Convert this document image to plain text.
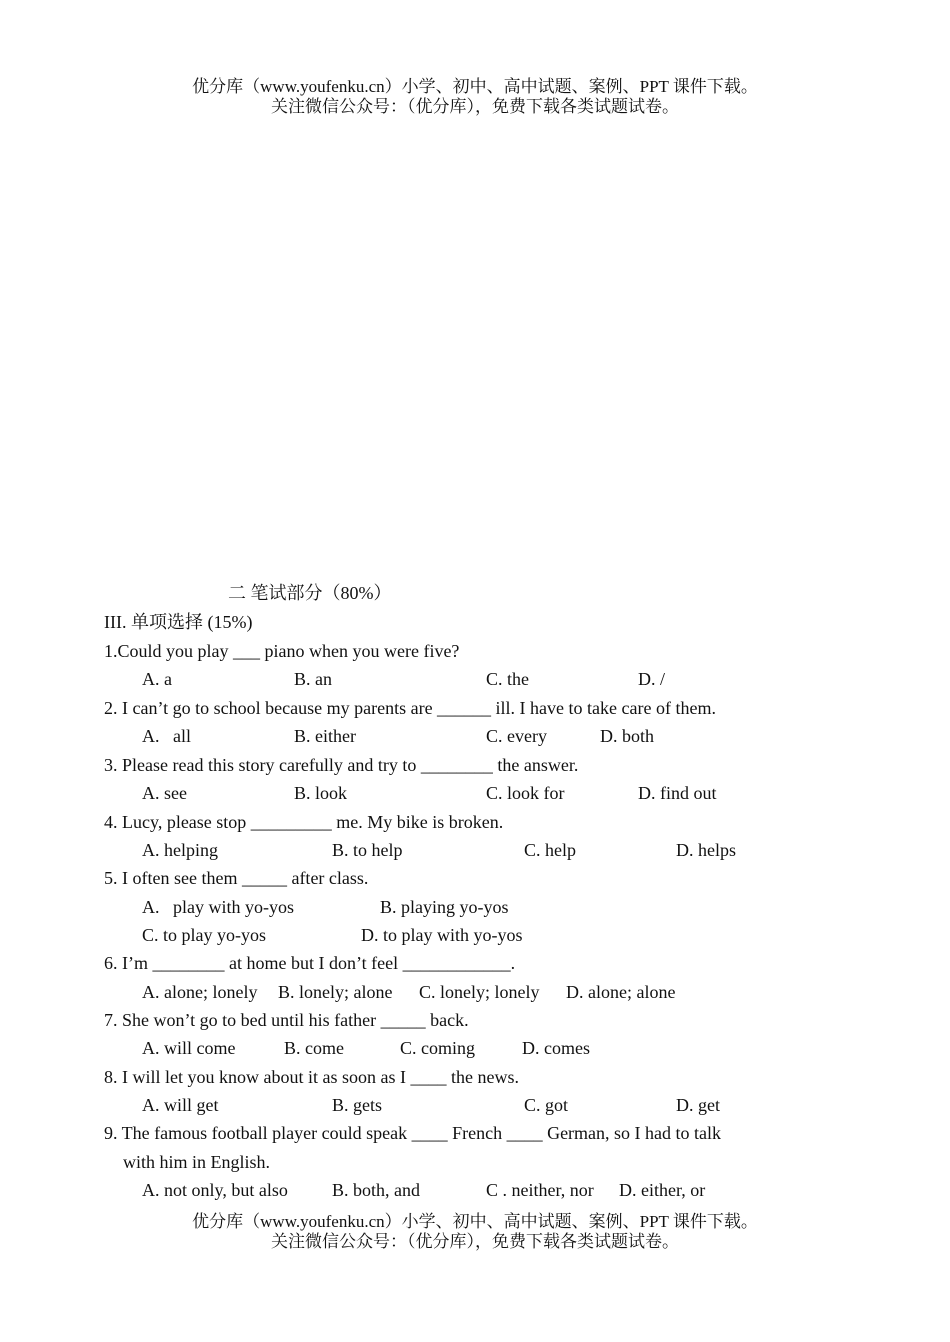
优分库（www.youfenku.cn）小学、初中、高中试题、案例、PPT 课件下载。
关注微信公众号：（优分库），免费下载各类试题试卷。
二 笔试部分（80%）
III. 单项选择 (15%)
1.Could you play ___ piano when you were five?
A. a	B. an	C. the	D. /
2. I can’t go to school because my parents are ______ ill. I have to take care of them.
A.   all	B. either	C. every	D. both
3. Please read this story carefully and try to ________ the answer.
A. see	B. look	C. look for	D. find out
4. Lucy, please stop _________ me. My bike is broken.
A. helping	B. to help	C. help	D. helps
5. I often see them _____ after class.
A.   play with yo-yos	B. playing yo-yos
C. to play yo-yos	D. to play with yo-yos
6. I’m ________ at home but I don’t feel ____________.
A. alone; lonely B. lonely; alone C. lonely; lonely D. alone; alone
7. She won’t go to bed until his father _____ back.
A. will come	B. come	C. coming	D. comes
8. I will let you know about it as soon as I ____ the news.
A. will get	B. gets	C. got	D. get
9. The famous football player could speak ____ French ____ German, so I had to talk
with him in English.
A. not only, but also B. both, and	C . neither, nor D. either, or
优分库（www.youfenku.cn）小学、初中、高中试题、案例、PPT 课件下载。
关注微信公众号：（优分库），免费下载各类试题试卷。
